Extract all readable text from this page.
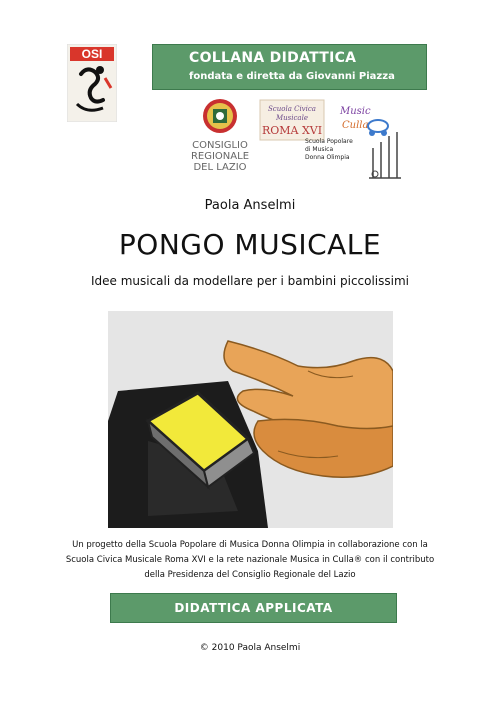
OSI	COLLANA DIDATTICA
fondata e diretta da Giovanni Piazza
CONSIGLIO
REGIONALE
DEL LAZIO
Scuola Civica
Musicale
ROMA XVI
Music
Culla
Scuola Popolare
di Musica
Donna Olimpia
Paola Anselmi
PONGO MUSICALE
Idee musicali da modellare per i bambini piccolissimi
Un progetto della Scuola Popolare di Musica Donna Olimpia in collaborazione con la Scuola Civica Musicale Roma XVI e la rete nazionale Musica in Culla® con il contributo della Presidenza del Consiglio Regionale del Lazio
DIDATTICA APPLICATA
© 2010 Paola Anselmi
